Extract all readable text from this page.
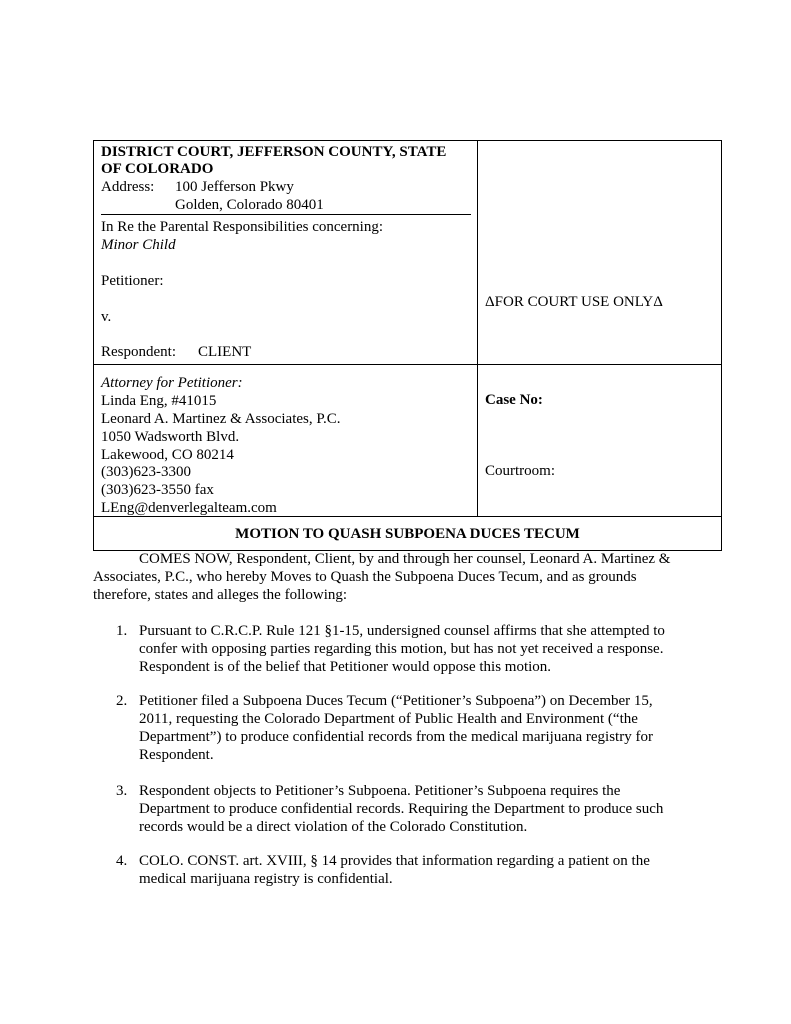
DISTRICT COURT, JEFFERSON COUNTY, STATE
OF COLORADO
Address: 100 Jefferson Pkwy
Golden, Colorado 80401
In Re the Parental Responsibilities concerning:
Minor Child
Petitioner:
v.
Respondent: CLIENT
ΔFOR COURT USE ONLYΔ
Attorney for Petitioner:
Linda Eng, #41015
Leonard A. Martinez & Associates, P.C.
1050 Wadsworth Blvd.
Lakewood, CO 80214
(303)623-3300
(303)623-3550 fax
LEng@denverlegalteam.com
Case No:
Courtroom:
MOTION TO QUASH SUBPOENA DUCES TECUM
COMES NOW, Respondent, Client, by and through her counsel, Leonard A. Martinez &
Associates, P.C., who hereby Moves to Quash the Subpoena Duces Tecum, and as grounds
therefore, states and alleges the following:
1. Pursuant to C.R.C.P. Rule 121 §1-15, undersigned counsel affirms that she attempted to
confer with opposing parties regarding this motion, but has not yet received a response.
Respondent is of the belief that Petitioner would oppose this motion.
2. Petitioner filed a Subpoena Duces Tecum (“Petitioner’s Subpoena”) on December 15,
2011, requesting the Colorado Department of Public Health and Environment (“the
Department”) to produce confidential records from the medical marijuana registry for
Respondent.
3. Respondent objects to Petitioner’s Subpoena. Petitioner’s Subpoena requires the
Department to produce confidential records. Requiring the Department to produce such
records would be a direct violation of the Colorado Constitution.
4. COLO. CONST. art. XVIII, § 14 provides that information regarding a patient on the
medical marijuana registry is confidential.
